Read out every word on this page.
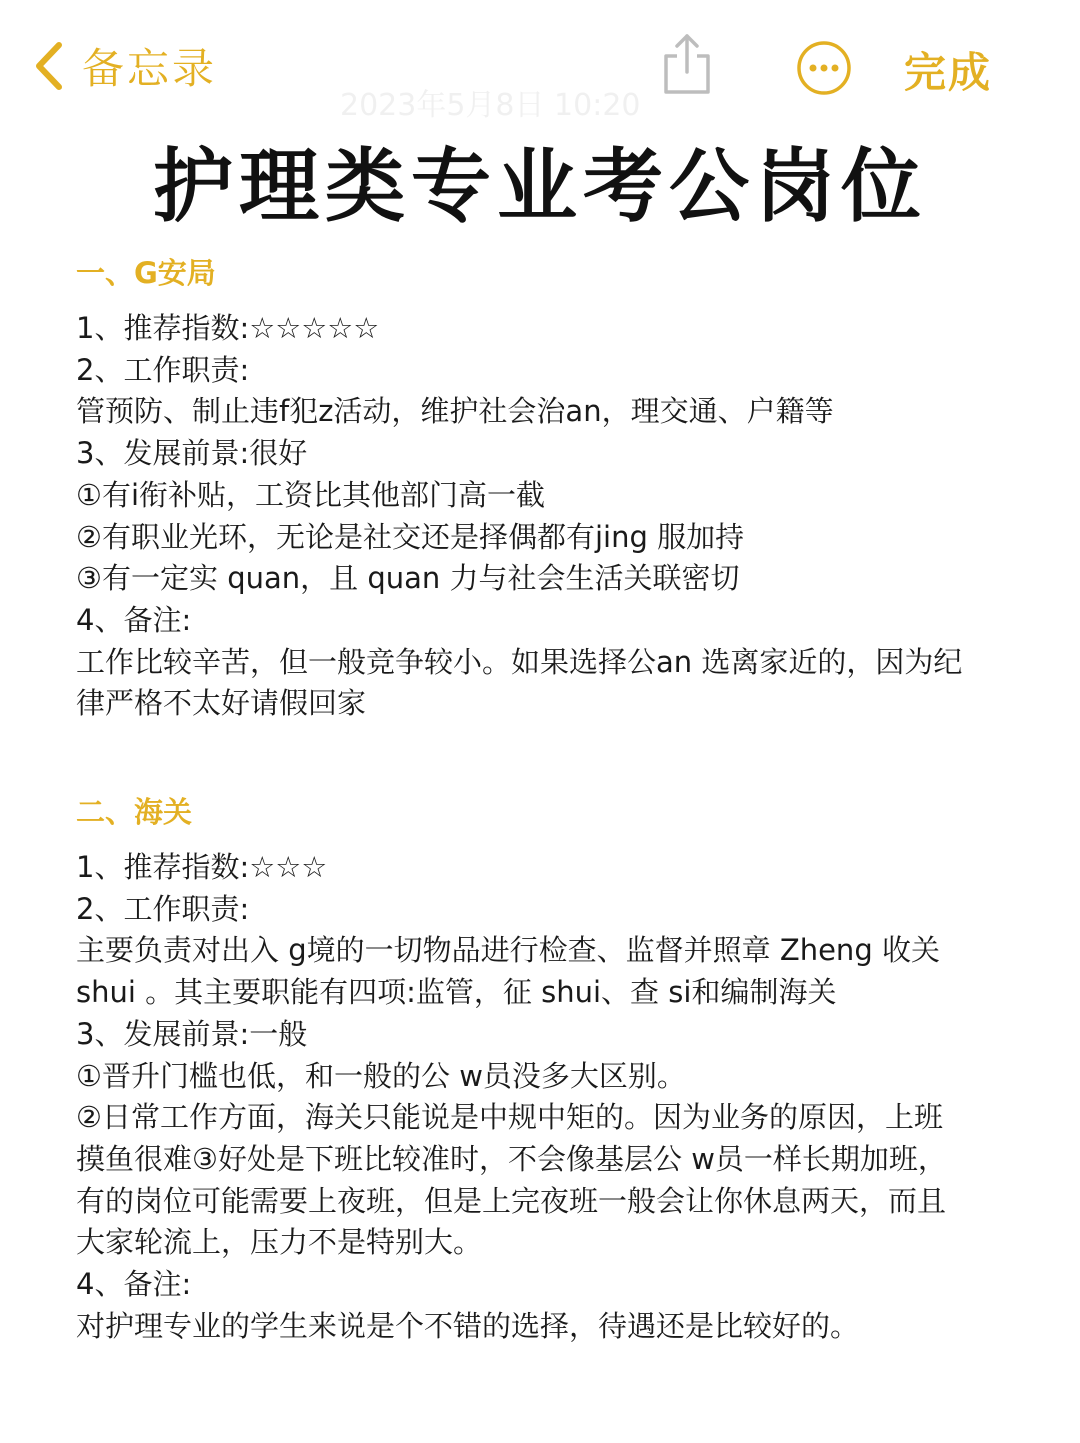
备忘录
2023年5月8日 10:20
完成
护理类专业考公岗位
一、G安局

1、推荐指数:☆☆☆☆☆

2、工作职责:

管预防、制止违f犯z活动，维护社会治an，理交通、户籍等

3、发展前景:很好

①有i衔补贴，工资比其他部门高一截

②有职业光环，无论是社交还是择偶都有jing 服加持

③有一定实 quan，且 quan 力与社会生活关联密切

4、备注:

工作比较辛苦，但一般竞争较小。如果选择公an 选离家近的，因为纪

律严格不太好请假回家

二、海关

1、推荐指数:☆☆☆

2、工作职责:

主要负责对出入 g境的一切物品进行检查、监督并照章 Zheng 收关

shui 。其主要职能有四项:监管，征 shui、查 si和编制海关

3、发展前景:一般

①晋升门槛也低，和一般的公 w员没多大区别。

②日常工作方面，海关只能说是中规中矩的。因为业务的原因，上班

摸鱼很难③好处是下班比较准时，不会像基层公 w员一样长期加班，

有的岗位可能需要上夜班，但是上完夜班一般会让你休息两天，而且

大家轮流上，压力不是特别大。

4、备注:

对护理专业的学生来说是个不错的选择，待遇还是比较好的。
